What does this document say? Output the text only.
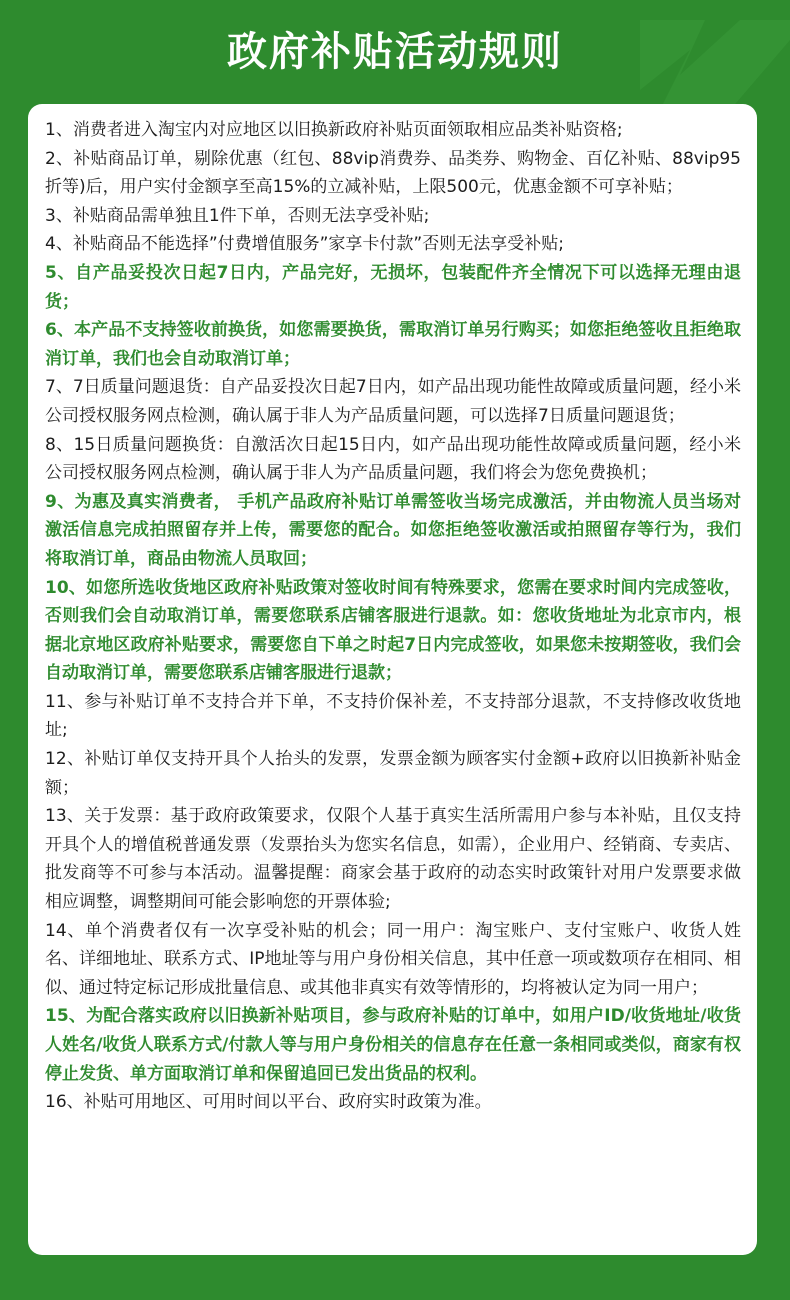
政府补贴活动规则

1、消费者进入淘宝内对应地区以旧换新政府补贴页面领取相应品类补贴资格;

2、补贴商品订单，剔除优惠（红包、88vip消费券、品类券、购物金、百亿补贴、88vip95折等)后，用户实付金额享至高15%的立减补贴，上限500元，优惠金额不可享补贴；

3、补贴商品需单独且1件下单，否则无法享受补贴;

4、补贴商品不能选择”付费增值服务”家享卡付款”否则无法享受补贴;

5、自产品妥投次日起7日内，产品完好，无损坏，包装配件齐全情况下可以选择无理由退货；

6、本产品不支持签收前换货，如您需要换货，需取消订单另行购买；如您拒绝签收且拒绝取消订单，我们也会自动取消订单；

7、7日质量问题退货：自产品妥投次日起7日内，如产品出现功能性故障或质量问题，经小米公司授权服务网点检测，确认属于非人为产品质量问题，可以选择7日质量问题退货；

8、15日质量问题换货：自激活次日起15日内，如产品出现功能性故障或质量问题，经小米公司授权服务网点检测，确认属于非人为产品质量问题，我们将会为您免费换机；

9、为惠及真实消费者， 手机产品政府补贴订单需签收当场完成激活，并由物流人员当场对激活信息完成拍照留存并上传，需要您的配合。如您拒绝签收激活或拍照留存等行为，我们将取消订单，商品由物流人员取回；

10、如您所选收货地区政府补贴政策对签收时间有特殊要求，您需在要求时间内完成签收，否则我们会自动取消订单，需要您联系店铺客服进行退款。如：您收货地址为北京市内，根据北京地区政府补贴要求，需要您自下单之时起7日内完成签收，如果您未按期签收，我们会自动取消订单，需要您联系店铺客服进行退款；

11、参与补贴订单不支持合并下单，不支持价保补差，不支持部分退款，不支持修改收货地址;

12、补贴订单仅支持开具个人抬头的发票，发票金额为顾客实付金额+政府以旧换新补贴金额；

13、关于发票：基于政府政策要求，仅限个人基于真实生活所需用户参与本补贴，且仅支持开具个人的增值税普通发票（发票抬头为您实名信息，如需），企业用户、经销商、专卖店、批发商等不可参与本活动。温馨提醒：商家会基于政府的动态实时政策针对用户发票要求做相应调整，调整期间可能会影响您的开票体验;

14、单个消费者仅有一次享受补贴的机会；同一用户：淘宝账户、支付宝账户、收货人姓名、详细地址、联系方式、IP地址等与用户身份相关信息，其中任意一项或数项存在相同、相似、通过特定标记形成批量信息、或其他非真实有效等情形的，均将被认定为同一用户；

15、为配合落实政府以旧换新补贴项目，参与政府补贴的订单中，如用户ID/收货地址/收货人姓名/收货人联系方式/付款人等与用户身份相关的信息存在任意一条相同或类似，商家有权停止发货、单方面取消订单和保留追回已发出货品的权利。

16、补贴可用地区、可用时间以平台、政府实时政策为准。
